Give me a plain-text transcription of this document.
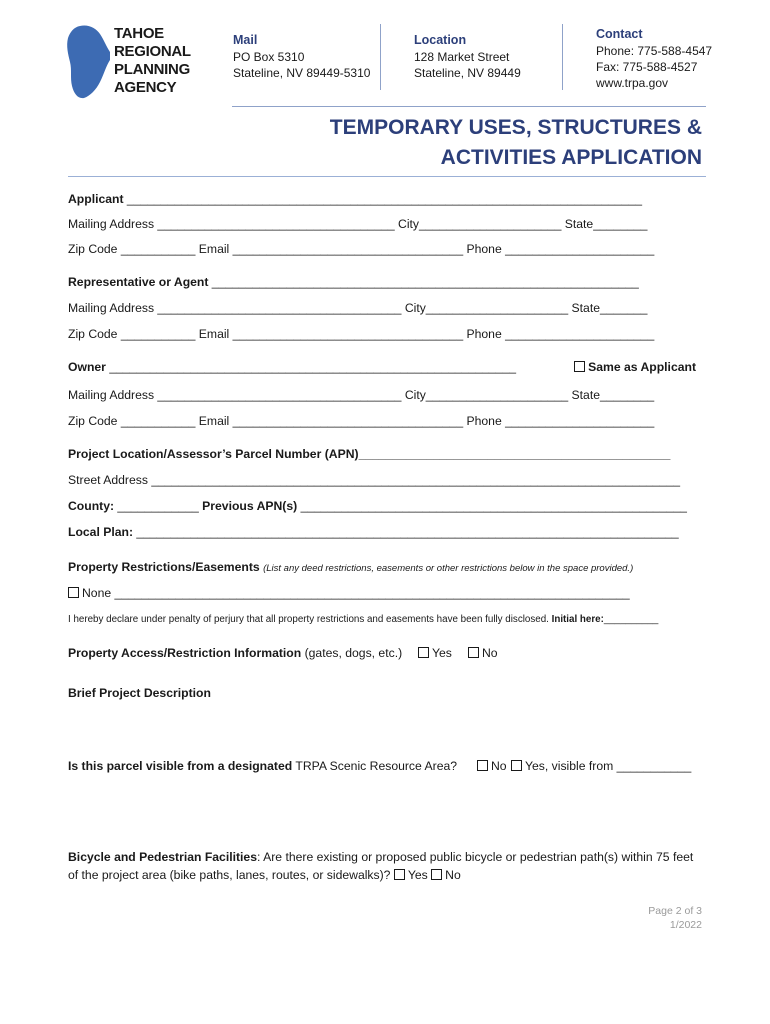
TAHOE
REGIONAL
PLANNING
AGENCY
Mail
PO Box 5310
Stateline, NV 89449-5310
Location
128 Market Street
Stateline, NV 89449
Contact
Phone: 775-588-4547
Fax: 775-588-4527
www.trpa.gov
TEMPORARY USES, STRUCTURES &
ACTIVITIES APPLICATION
Applicant ____________________________________________________________________________
Mailing Address ___________________________________ City_____________________ State________
Zip Code ___________ Email __________________________________ Phone ______________________
Representative or Agent _______________________________________________________________
Mailing Address ____________________________________ City_____________________ State_______
Zip Code ___________ Email __________________________________ Phone ______________________
Owner ____________________________________________________________	Same as Applicant
Mailing Address ____________________________________ City_____________________ State________
Zip Code ___________ Email __________________________________ Phone ______________________
Project Location/Assessor’s Parcel Number (APN)______________________________________________
Street Address ______________________________________________________________________________
County: ____________ Previous APN(s) _________________________________________________________
Local Plan: ________________________________________________________________________________
Property Restrictions/Easements (List any deed restrictions, easements or other restrictions below in the space provided.)
None ____________________________________________________________________________
I hereby declare under penalty of perjury that all property restrictions and easements have been fully disclosed. Initial here:__________
Property Access/Restriction Information (gates, dogs, etc.)	Yes	No
Brief Project Description
Is this parcel visible from a designated TRPA Scenic Resource Area?	No	Yes, visible from ___________
Bicycle and Pedestrian Facilities: Are there existing or proposed public bicycle or pedestrian path(s) within 75 feet
of the project area (bike paths, lanes, routes, or sidewalks)? Yes No
Page 2 of 3
1/2022
